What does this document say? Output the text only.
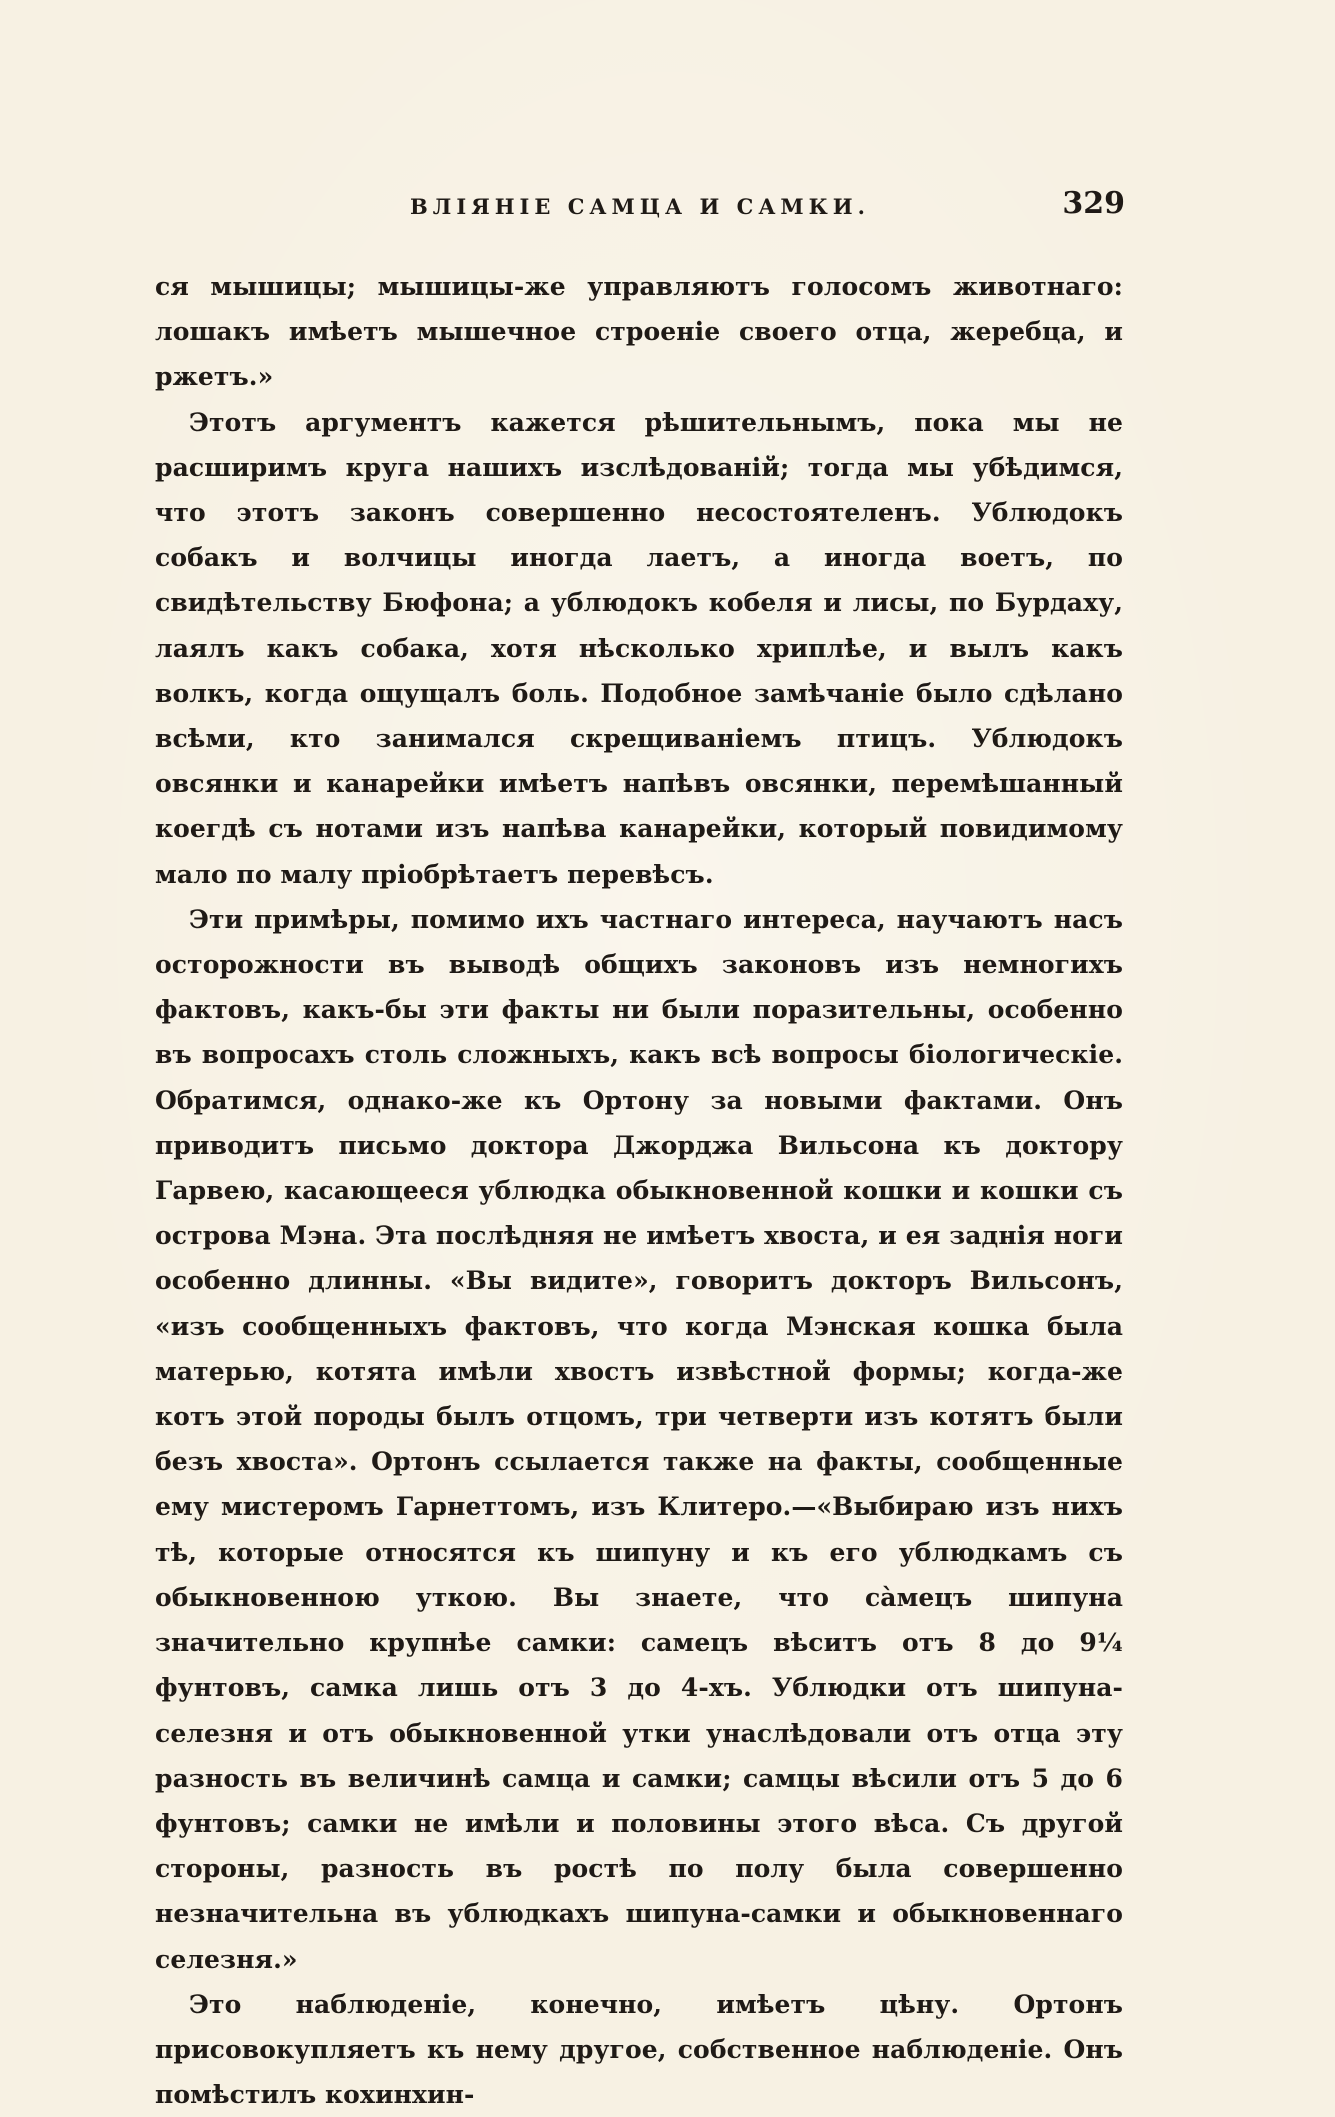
ВЛІЯНІЕ САМЦА И САМКИ.	329

ся мышицы; мышицы-же управляютъ голосомъ животнаго: лошакъ имѣетъ мышечное строеніе своего отца, жеребца, и ржетъ.»

Этотъ аргументъ кажется рѣшительнымъ, пока мы не расширимъ круга нашихъ изслѣдованій; тогда мы убѣдимся, что этотъ законъ совершенно несостоятеленъ. Ублюдокъ собакъ и волчицы иногда лаетъ, а иногда воетъ, по свидѣтельству Бюфона; а ублюдокъ кобеля и лисы, по Бурдаху, лаялъ какъ собака, хотя нѣсколько хриплѣе, и вылъ какъ волкъ, когда ощущалъ боль. Подобное замѣчаніе было сдѣлано всѣми, кто занимался скрещиваніемъ птицъ. Ублюдокъ овсянки и канарейки имѣетъ напѣвъ овсянки, перемѣшанный коегдѣ съ нотами изъ напѣва канарейки, который повидимому мало по малу пріобрѣтаетъ перевѣсъ.

Эти примѣры, помимо ихъ частнаго интереса, научаютъ насъ осторожности въ выводѣ общихъ законовъ изъ немногихъ фактовъ, какъ-бы эти факты ни были поразительны, особенно въ вопросахъ столь сложныхъ, какъ всѣ вопросы біологическіе. Обратимся, однако-же къ Ортону за новыми фактами. Онъ приводитъ письмо доктора Джорджа Вильсона къ доктору Гарвею, касающееся ублюдка обыкновенной кошки и кошки съ острова Мэна. Эта послѣдняя не имѣетъ хвоста, и ея заднія ноги особенно длинны. «Вы видите», говоритъ докторъ Вильсонъ, «изъ сообщенныхъ фактовъ, что когда Мэнская кошка была матерью, котята имѣли хвостъ извѣстной формы; когда-же котъ этой породы былъ отцомъ, три четверти изъ котятъ были безъ хвоста». Ортонъ ссылается также на факты, сообщенные ему мистеромъ Гарнеттомъ, изъ Клитеро.—«Выбираю изъ нихъ тѣ, которые относятся къ шипуну и къ его ублюдкамъ съ обыкновенною уткою. Вы знаете, что сàмецъ шипуна значительно крупнѣе самки: самецъ вѣситъ отъ 8 до 9¼ фунтовъ, самка лишь отъ 3 до 4-хъ. Ублюдки отъ шипуна-селезня и отъ обыкновенной утки унаслѣдовали отъ отца эту разность въ величинѣ самца и самки; самцы вѣсили отъ 5 до 6 фунтовъ; самки не имѣли и половины этого вѣса. Съ другой стороны, разность въ ростѣ по полу была совершенно незначительна въ ублюдкахъ шипуна-самки и обыкновеннаго селезня.»

Это наблюденіе, конечно, имѣетъ цѣну. Ортонъ присовокупляетъ къ нему другое, собственное наблюденіе. Онъ помѣстилъ кохинхин-
